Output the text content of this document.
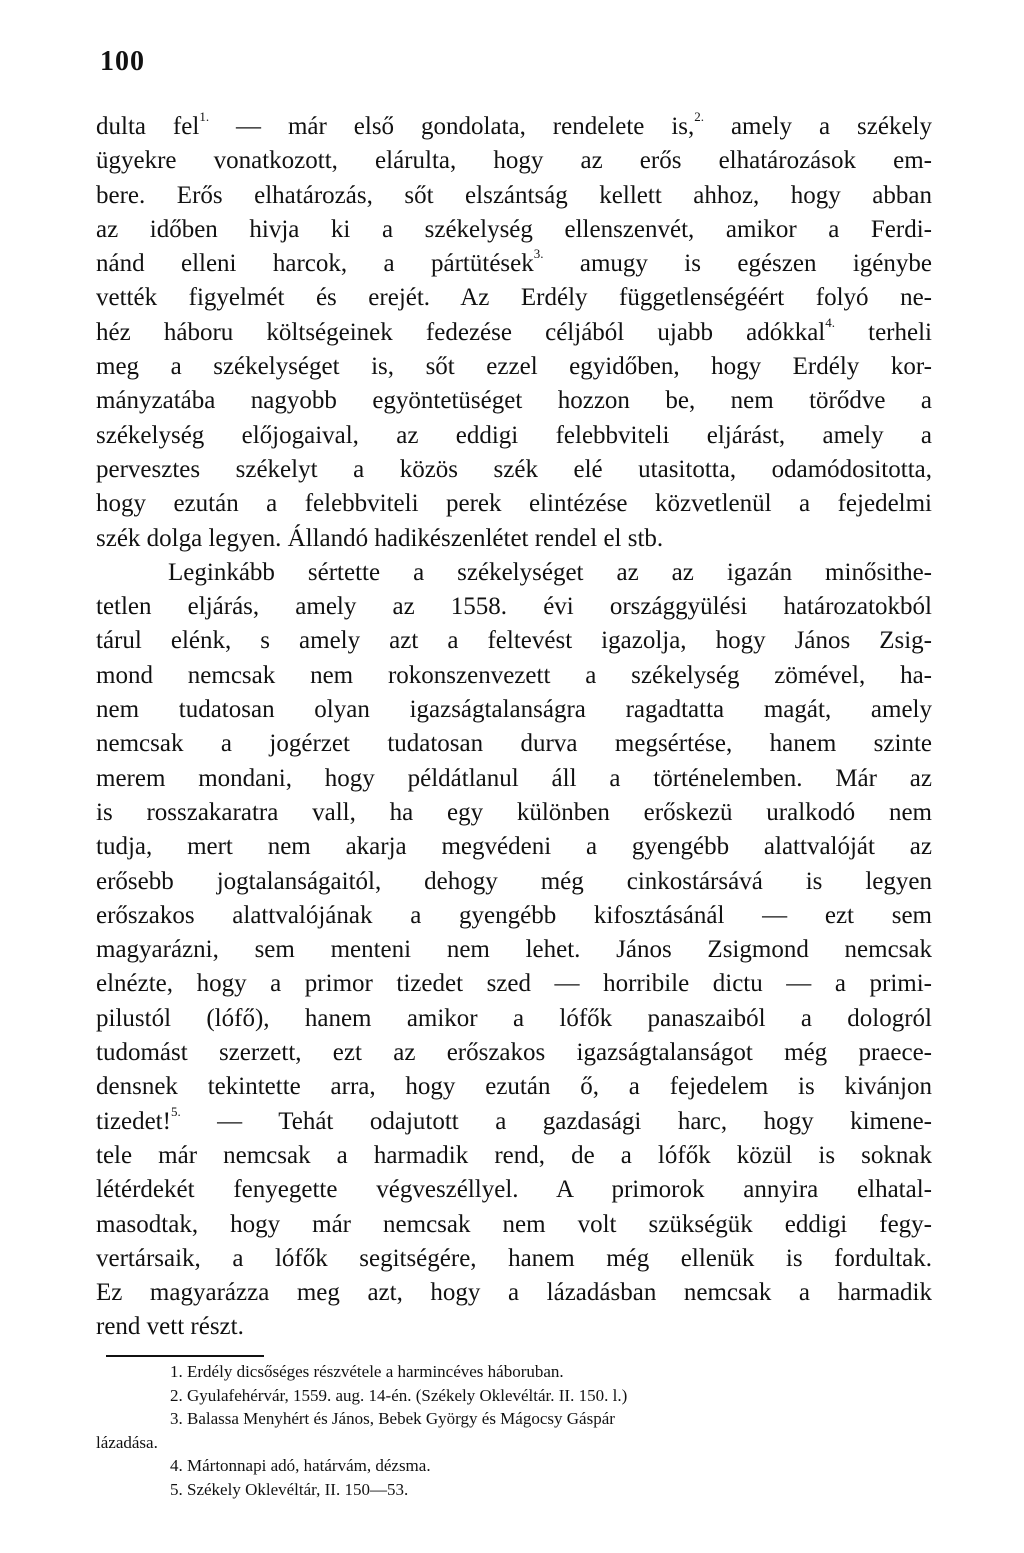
100
dulta fel$^{1.}$ — már első gondolata, rendelete is,$^{2.}$ amely a székely
ügyekre vonatkozott, elárulta, hogy az erős elhatározások em-
bere. Erős elhatározás, sőt elszántság kellett ahhoz, hogy abban
az időben hivja ki a székelység ellenszenvét, amikor a Ferdi-
nánd elleni harcok, a pártütések$^{3.}$ amugy is egészen igénybe
vették figyelmét és erejét. Az Erdély függetlenségéért folyó ne-
héz háboru költségeinek fedezése céljából ujabb adókkal$^{4.}$ terheli
meg a székelységet is, sőt ezzel egyidőben, hogy Erdély kor-
mányzatába nagyobb egyöntetüséget hozzon be, nem törődve a
székelység előjogaival, az eddigi felebbviteli eljárást, amely a
pervesztes székelyt a közös szék elé utasitotta, odamódositotta,
hogy ezután a felebbviteli perek elintézése közvetlenül a fejedelmi
szék dolga legyen. Állandó hadikészenlétet rendel el stb.
Leginkább sértette a székelységet az az igazán minősithe-
tetlen eljárás, amely az 1558. évi országgyülési határozatokból
tárul elénk, s amely azt a feltevést igazolja, hogy János Zsig-
mond nemcsak nem rokonszenvezett a székelység zömével, ha-
nem tudatosan olyan igazságtalanságra ragadtatta magát, amely
nemcsak a jogérzet tudatosan durva megsértése, hanem szinte
merem mondani, hogy példátlanul áll a történelemben. Már az
is rosszakaratra vall, ha egy különben erőskezü uralkodó nem
tudja, mert nem akarja megvédeni a gyengébb alattvalóját az
erősebb jogtalanságaitól, dehogy még cinkostársává is legyen
erőszakos alattvalójának a gyengébb kifosztásánál — ezt sem
magyarázni, sem menteni nem lehet. János Zsigmond nemcsak
elnézte, hogy a primor tizedet szed — horribile dictu — a primi-
pilustól (lófő), hanem amikor a lófők panaszaiból a dologról
tudomást szerzett, ezt az erőszakos igazságtalanságot még praece-
densnek tekintette arra, hogy ezután ő, a fejedelem is kivánjon
tizedet!$^{5.}$ — Tehát odajutott a gazdasági harc, hogy kimene-
tele már nemcsak a harmadik rend, de a lófők közül is soknak
létérdekét fenyegette végveszéllyel. A primorok annyira elhatal-
masodtak, hogy már nemcsak nem volt szükségük eddigi fegy-
vertársaik, a lófők segitségére, hanem még ellenük is fordultak.
Ez magyarázza meg azt, hogy a lázadásban nemcsak a harmadik
rend vett részt.
1. Erdély dicsőséges részvétele a harmincéves háboruban.
2. Gyulafehérvár, 1559. aug. 14-én. (Székely Oklevéltár. II. 150. l.)
3. Balassa Menyhért és János, Bebek György és Mágocsy Gáspár
lázadása.
4. Mártonnapi adó, határvám, dézsma.
5. Székely Oklevéltár, II. 150—53.
